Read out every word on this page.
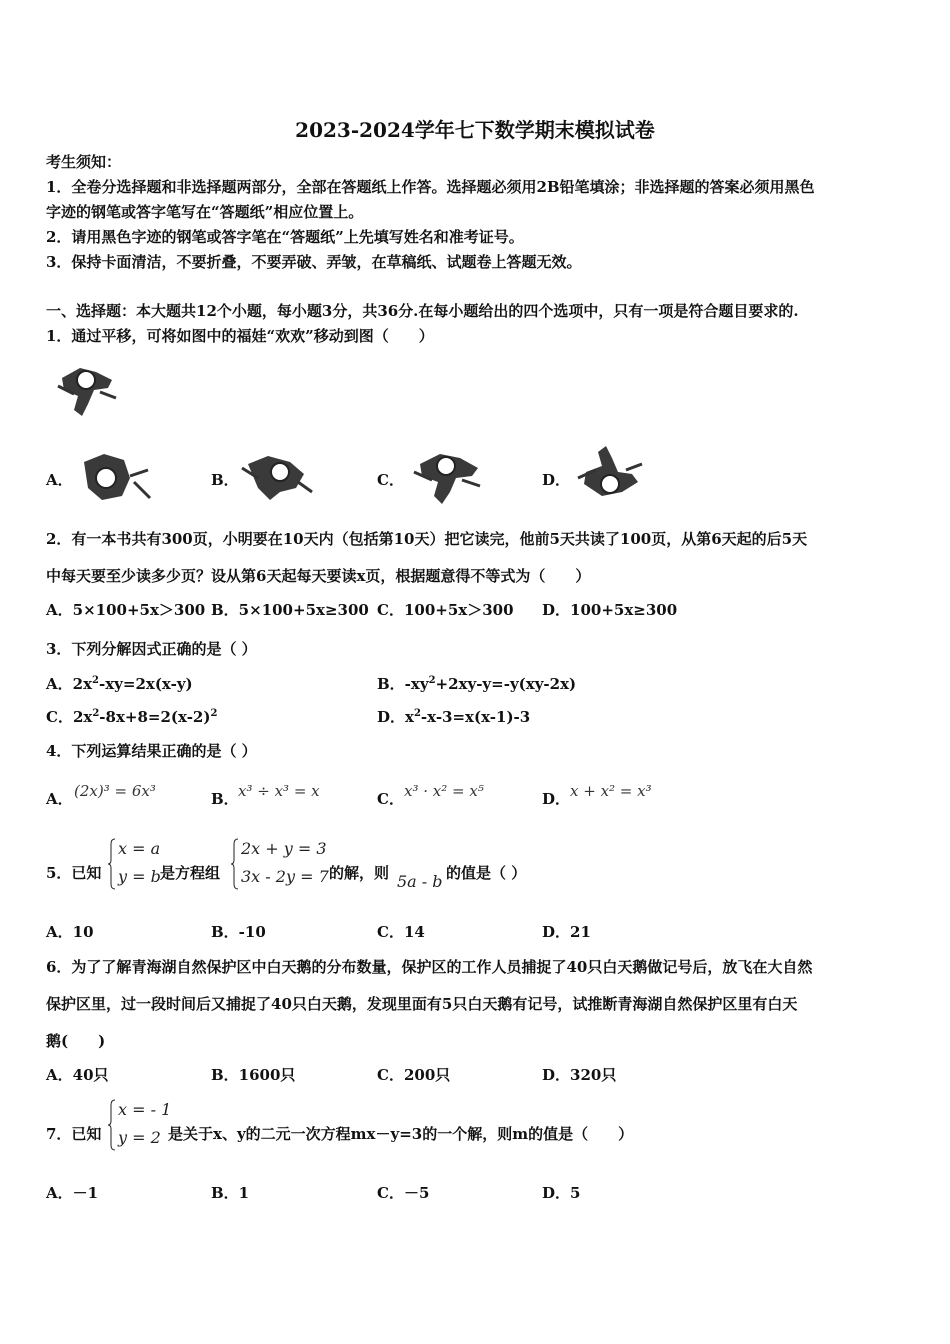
2023-2024学年七下数学期末模拟试卷
考生须知：
1．全卷分选择题和非选择题两部分，全部在答题纸上作答。选择题必须用2B铅笔填涂；非选择题的答案必须用黑色
字迹的钢笔或答字笔写在“答题纸”相应位置上。
2．请用黑色字迹的钢笔或答字笔在“答题纸”上先填写姓名和准考证号。
3．保持卡面清洁，不要折叠，不要弄破、弄皱，在草稿纸、试题卷上答题无效。
一、选择题：本大题共12个小题，每小题3分，共36分.在每小题给出的四个选项中，只有一项是符合题目要求的.
1．通过平移，可将如图中的福娃“欢欢”移动到图（　　）
A．	B．	C．	D．
2．有一本书共有300页，小明要在10天内（包括第10天）把它读完，他前5天共读了100页，从第6天起的后5天
中每天要至少读多少页？设从第6天起每天要读x页，根据题意得不等式为（　　）
A．5×100+5x＞300 B．5×100+5x≥300 C．100+5x＞300 D．100+5x≥300
3．下列分解因式正确的是（ ）
A．$2x^2-xy=2x(x-y)$	B．$-xy^2+2xy-y=-y(xy-2x)$
C．$2x^2-8x+8=2(x-2)^2$	D．$x^2-x-3=x(x-1)-3$
4．下列运算结果正确的是（ ）
A． (2x)³ = 6x³	B． x³ ÷ x³ = x	C． x³ · x² = x⁵	D． x + x² = x³
5．已知
x = a
y = b 是方程组
2x + y = 3
3x - 2y = 7 的解，则 5a - b 的值是（ ）
A．10	B．-10	C．14	D．21
6．为了了解青海湖自然保护区中白天鹅的分布数量，保护区的工作人员捕捉了40只白天鹅做记号后，放飞在大自然
保护区里，过一段时间后又捕捉了40只白天鹅，发现里面有5只白天鹅有记号，试推断青海湖自然保护区里有白天
鹅(　　)
A．40只	B．1600只	C．200只	D．320只
7．已知
x = - 1
y = 2 是关于x、y的二元一次方程mx－y=3的一个解，则m的值是（　　）
A．－1	B．1	C．－5	D．5
